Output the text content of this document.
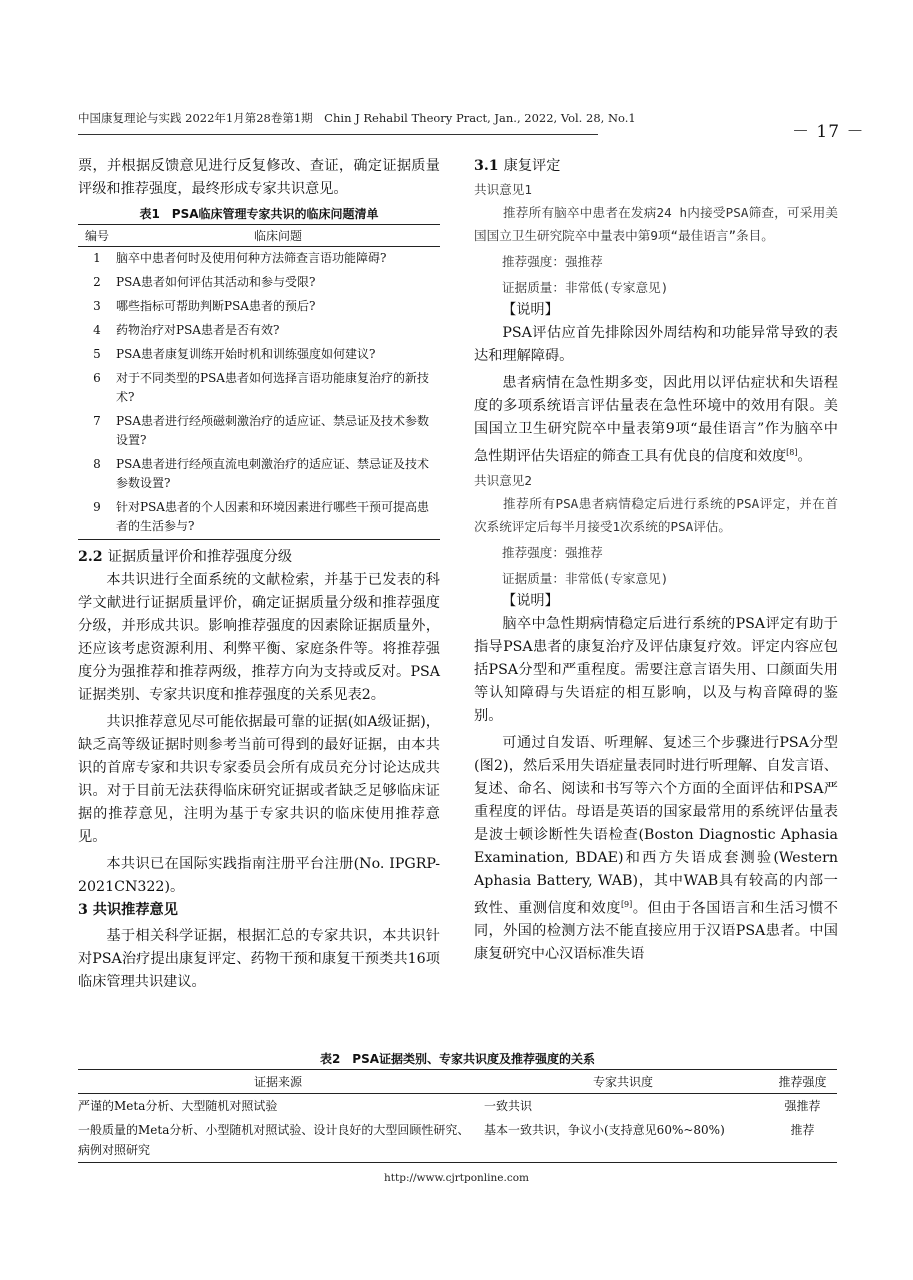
中国康复理论与实践 2022年1月第28卷第1期　Chin J Rehabil Theory Pract, Jan., 2022, Vol. 28, No.1
－ 17 －

票，并根据反馈意见进行反复修改、查证，确定证据质量评级和推荐强度，最终形成专家共识意见。

表1　PSA临床管理专家共识的临床问题清单
编号	临床问题
1	脑卒中患者何时及使用何种方法筛查言语功能障碍?
2	PSA患者如何评估其活动和参与受限?
3	哪些指标可帮助判断PSA患者的预后?
4	药物治疗对PSA患者是否有效?
5	PSA患者康复训练开始时机和训练强度如何建议?
6	对于不同类型的PSA患者如何选择言语功能康复治疗的新技术?
7	PSA患者进行经颅磁刺激治疗的适应证、禁忌证及技术参数设置?
8	PSA患者进行经颅直流电刺激治疗的适应证、禁忌证及技术参数设置?
9	针对PSA患者的个人因素和环境因素进行哪些干预可提高患者的生活参与?
2.2 证据质量评价和推荐强度分级

本共识进行全面系统的文献检索，并基于已发表的科学文献进行证据质量评价，确定证据质量分级和推荐强度分级，并形成共识。影响推荐强度的因素除证据质量外，还应该考虑资源利用、利弊平衡、家庭条件等。将推荐强度分为强推荐和推荐两级，推荐方向为支持或反对。PSA证据类别、专家共识度和推荐强度的关系见表2。

共识推荐意见尽可能依据最可靠的证据(如A级证据)，缺乏高等级证据时则参考当前可得到的最好证据，由本共识的首席专家和共识专家委员会所有成员充分讨论达成共识。对于目前无法获得临床研究证据或者缺乏足够临床证据的推荐意见，注明为基于专家共识的临床使用推荐意见。

本共识已在国际实践指南注册平台注册(No. IPGRP-2021CN322)。

3 共识推荐意见

基于相关科学证据，根据汇总的专家共识，本共识针对PSA治疗提出康复评定、药物干预和康复干预类共16项临床管理共识建议。

3.1 康复评定
共识意见1

推荐所有脑卒中患者在发病24 h内接受PSA筛查，可采用美国国立卫生研究院卒中量表中第9项“最佳语言”条目。

推荐强度：强推荐
证据质量：非常低(专家意见)
【说明】

PSA评估应首先排除因外周结构和功能异常导致的表达和理解障碍。

患者病情在急性期多变，因此用以评估症状和失语程度的多项系统语言评估量表在急性环境中的效用有限。美国国立卫生研究院卒中量表第9项“最佳语言”作为脑卒中急性期评估失语症的筛查工具有优良的信度和效度[8]。

共识意见2

推荐所有PSA患者病情稳定后进行系统的PSA评定，并在首次系统评定后每半月接受1次系统的PSA评估。

推荐强度：强推荐
证据质量：非常低(专家意见)
【说明】

脑卒中急性期病情稳定后进行系统的PSA评定有助于指导PSA患者的康复治疗及评估康复疗效。评定内容应包括PSA分型和严重程度。需要注意言语失用、口颜面失用等认知障碍与失语症的相互影响，以及与构音障碍的鉴别。

可通过自发语、听理解、复述三个步骤进行PSA分型(图2)，然后采用失语症量表同时进行听理解、自发言语、复述、命名、阅读和书写等六个方面的全面评估和PSA严重程度的评估。母语是英语的国家最常用的系统评估量表是波士顿诊断性失语检查(Boston Diagnostic Aphasia Examination, BDAE)和西方失语成套测验(Western Aphasia Battery, WAB)，其中WAB具有较高的内部一致性、重测信度和效度[9]。但由于各国语言和生活习惯不同，外国的检测方法不能直接应用于汉语PSA患者。中国康复研究中心汉语标准失语

表2　PSA证据类别、专家共识度及推荐强度的关系
证据来源	专家共识度	推荐强度
严谨的Meta分析、大型随机对照试验	一致共识	强推荐
一般质量的Meta分析、小型随机对照试验、设计良好的大型回顾性研究、病例对照研究	基本一致共识，争议小(支持意见60%~80%)	推荐
http://www.cjrtponline.com
